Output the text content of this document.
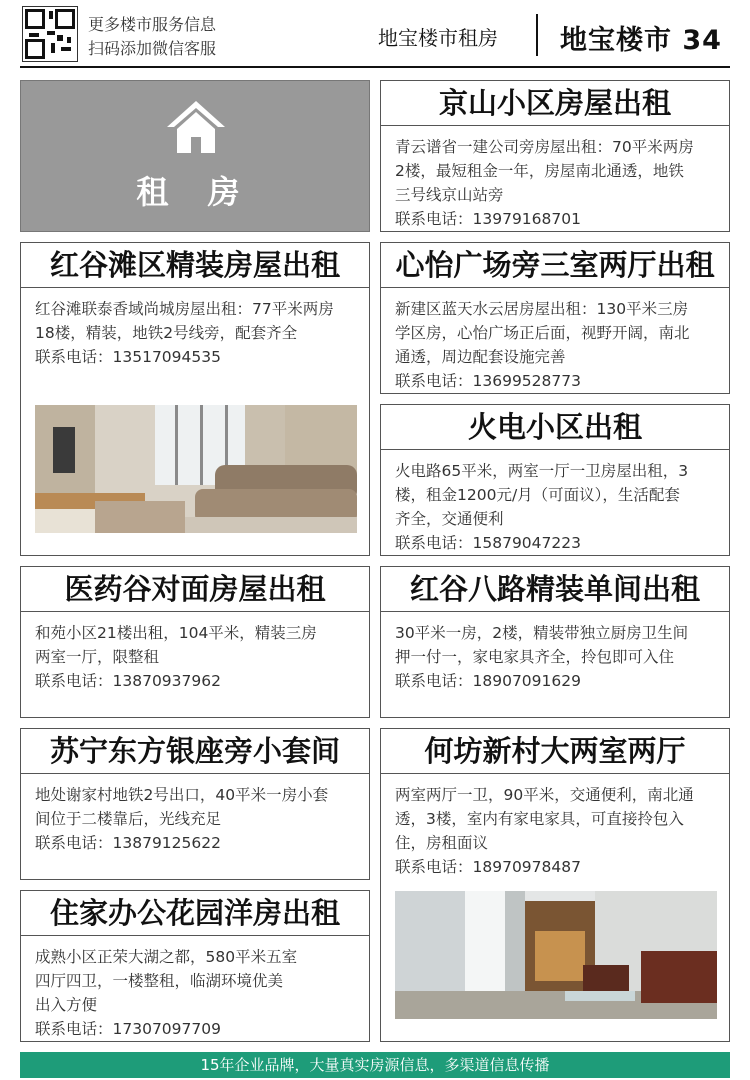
更多楼市服务信息
扫码添加微信客服	地宝楼市租房 地宝楼市 34
租 房
京山小区房屋出租
青云谱省一建公司旁房屋出租：70平米两房
2楼，最短租金一年，房屋南北通透，地铁
三号线京山站旁
联系电话：13979168701
红谷滩区精装房屋出租
红谷滩联泰香域尚城房屋出租：77平米两房
18楼，精装，地铁2号线旁，配套齐全
联系电话：13517094535
心怡广场旁三室两厅出租
新建区蓝天水云居房屋出租：130平米三房
学区房，心怡广场正后面，视野开阔，南北
通透，周边配套设施完善
联系电话：13699528773
火电小区出租
火电路65平米，两室一厅一卫房屋出租，3
楼，租金1200元/月（可面议），生活配套
齐全，交通便利
联系电话：15879047223
医药谷对面房屋出租
和苑小区21楼出租，104平米，精装三房
两室一厅，限整租
联系电话：13870937962
红谷八路精装单间出租
30平米一房，2楼，精装带独立厨房卫生间
押一付一，家电家具齐全，拎包即可入住
联系电话：18907091629
苏宁东方银座旁小套间
地处谢家村地铁2号出口，40平米一房小套
间位于二楼靠后，光线充足
联系电话：13879125622
何坊新村大两室两厅
两室两厅一卫，90平米，交通便利，南北通
透，3楼，室内有家电家具，可直接拎包入
住，房租面议
联系电话：18970978487
住家办公花园洋房出租
成熟小区正荣大湖之都，580平米五室
四厅四卫，一楼整租，临湖环境优美
出入方便
联系电话：17307097709
15年企业品牌，大量真实房源信息，多渠道信息传播
